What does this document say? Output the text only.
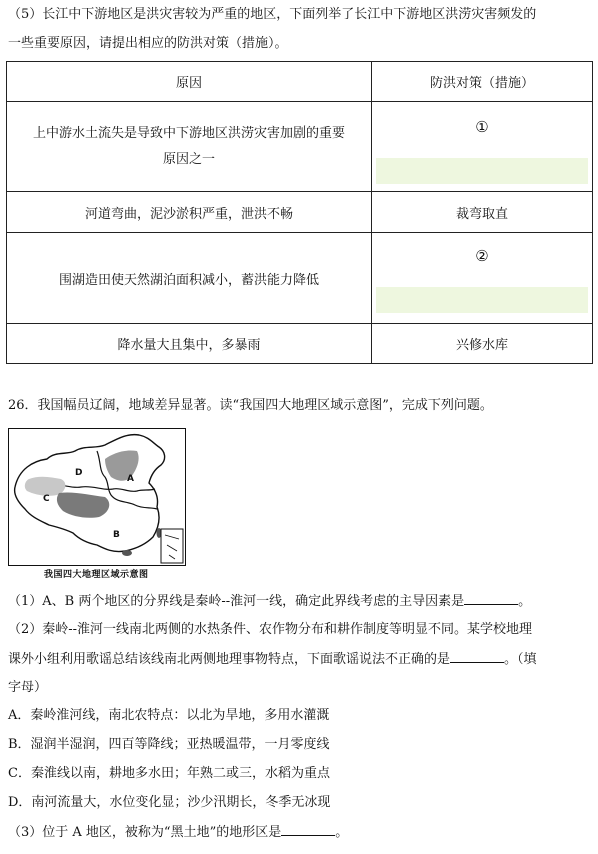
（5）长江中下游地区是洪灾害较为严重的地区，下面列举了长江中下游地区洪涝灾害频发的
一些重要原因，请提出相应的防洪对策（措施）。
原因	防洪对策（措施）

上中游水土流失是导致中下游地区洪涝灾害加剧的重要
原因之一	①

河道弯曲，泥沙淤积严重，泄洪不畅	裁弯取直
围湖造田使天然湖泊面积减小，蓄洪能力降低	②

降水量大且集中，多暴雨	兴修水库
26．我国幅员辽阔，地域差异显著。读“我国四大地理区域示意图”，完成下列问题。
A
B
C
D
我国四大地理区域示意图
（1）A、B 两个地区的分界线是秦岭--淮河一线，确定此界线考虑的主导因素是	。
（2）秦岭--淮河一线南北两侧的水热条件、农作物分布和耕作制度等明显不同。某学校地理
课外小组利用歌谣总结该线南北两侧地理事物特点，下面歌谣说法不正确的是	。（填
字母）
A．秦岭淮河线，南北农特点：以北为旱地，多用水灌溉
B．湿润半湿润，四百等降线；亚热暖温带，一月零度线
C．秦淮线以南，耕地多水田；年熟二或三，水稻为重点
D．南河流量大，水位变化显；沙少汛期长，冬季无冰现
（3）位于 A 地区，被称为“黑土地”的地形区是	。
